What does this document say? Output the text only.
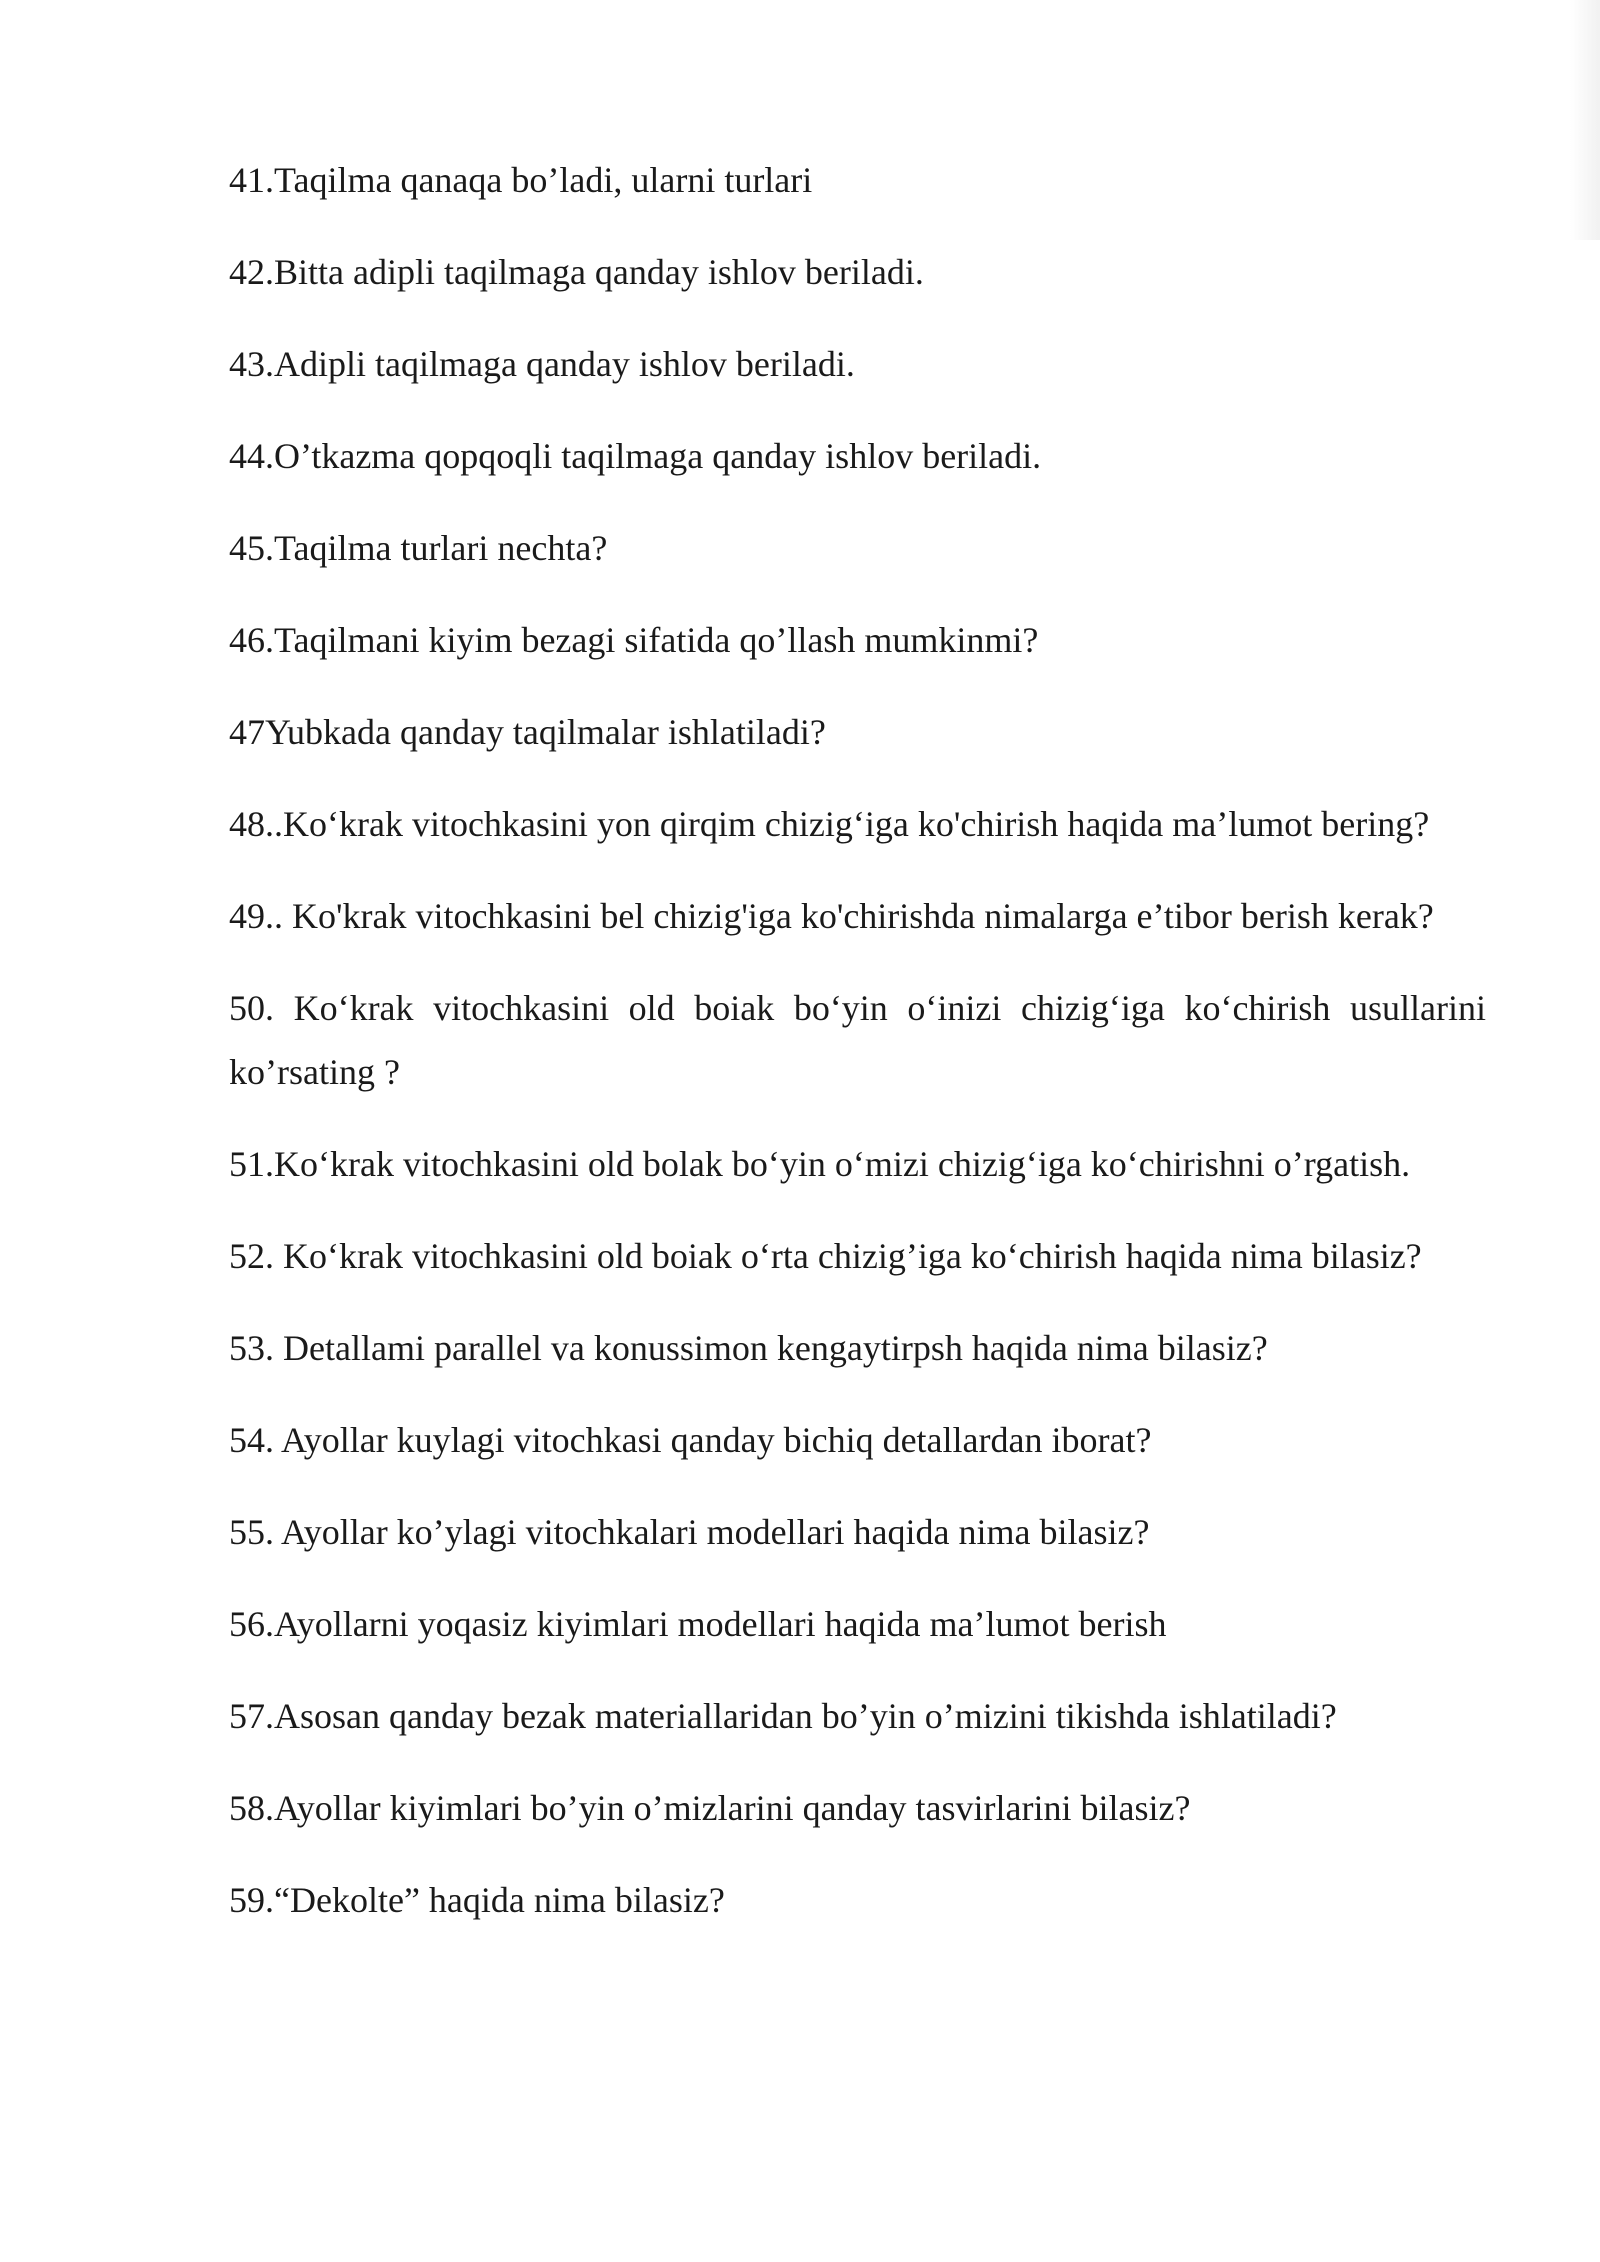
41.Taqilma qanaqa bo’ladi, ularni turlari

42.Bitta adipli taqilmaga qanday ishlov beriladi.

43.Adipli taqilmaga qanday ishlov beriladi.

44.O’tkazma qopqoqli taqilmaga qanday ishlov beriladi.

45.Taqilma turlari nechta?

46.Taqilmani kiyim bezagi sifatida qo’llash mumkinmi?

47Yubkada qanday taqilmalar ishlatiladi?

48..Ko‘krak vitochkasini yon qirqim chizig‘iga ko'chirish haqida ma’lumot bering?

49.. Ko'krak vitochkasini bel chizig'iga ko'chirishda nimalarga e’tibor berish kerak?

50. Ko‘krak vitochkasini old boiak bo‘yin o‘inizi chizig‘iga ko‘chirish usullarini ko’rsating ?

51.Ko‘krak vitochkasini old bolak bo‘yin o‘mizi chizig‘iga ko‘chirishni o’rgatish.

52. Ko‘krak vitochkasini old boiak o‘rta chizig’iga ko‘chirish haqida nima bilasiz?

53. Detallami parallel va konussimon kengaytirpsh haqida nima bilasiz?

54. Ayollar kuylagi vitochkasi qanday bichiq detallardan iborat?

55. Ayollar ko’ylagi vitochkalari modellari haqida nima bilasiz?

56.Ayollarni yoqasiz kiyimlari modellari haqida ma’lumot berish

57.Asosan qanday bezak materiallaridan bo’yin o’mizini tikishda ishlatiladi?

58.Ayollar kiyimlari bo’yin o’mizlarini qanday tasvirlarini bilasiz?

59.“Dekolte” haqida nima bilasiz?
